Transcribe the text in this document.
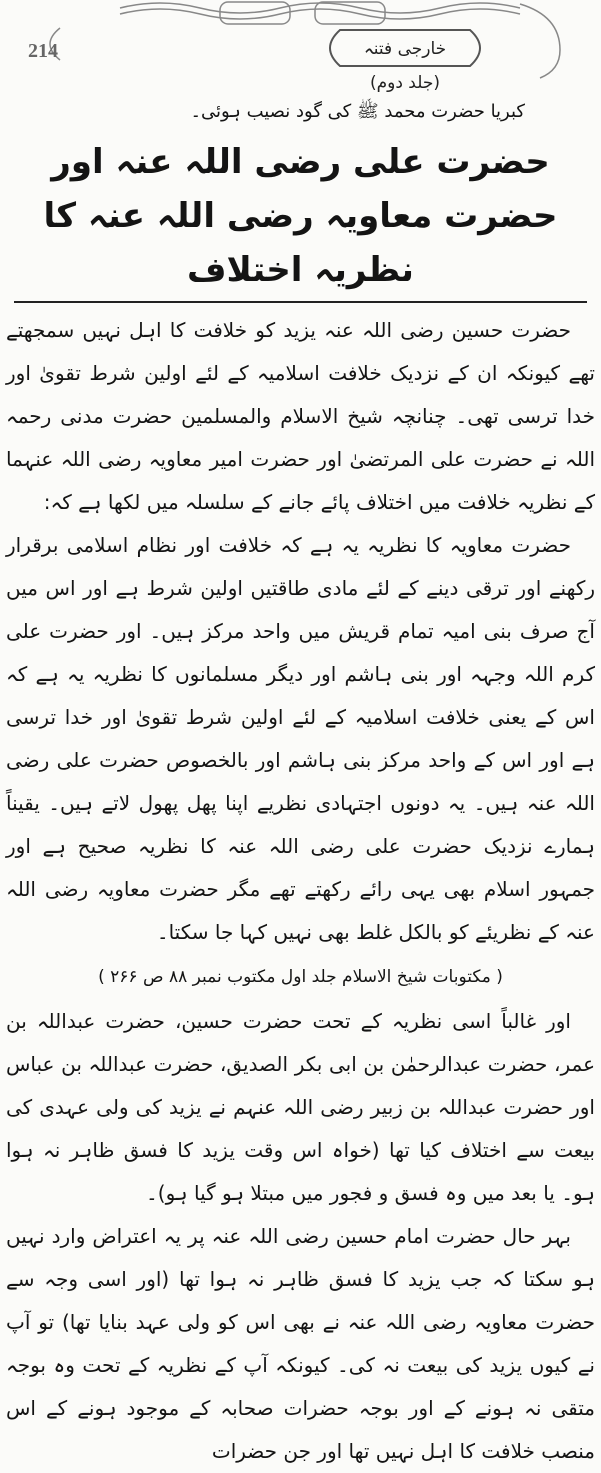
214	خارجی فتنہ (جلد دوم)

کبریا حضرت محمد ﷺ کی گود نصیب ہوئی۔

حضرت علی رضی اللہ عنہ اور حضرت معاویہ رضی اللہ عنہ کا نظریہ اختلاف

حضرت حسین رضی اللہ عنہ یزید کو خلافت کا اہل نہیں سمجھتے تھے کیونکہ ان کے نزدیک خلافت اسلامیہ کے لئے اولین شرط تقویٰ اور خدا ترسی تھی۔ چنانچہ شیخ الاسلام والمسلمین حضرت مدنی رحمہ اللہ نے حضرت علی المرتضیٰ اور حضرت امیر معاویہ رضی اللہ عنہما کے نظریہ خلافت میں اختلاف پائے جانے کے سلسلہ میں لکھا ہے کہ:

حضرت معاویہ کا نظریہ یہ ہے کہ خلافت اور نظام اسلامی برقرار رکھنے اور ترقی دینے کے لئے مادی طاقتیں اولین شرط ہے اور اس میں آج صرف بنی امیہ تمام قریش میں واحد مرکز ہیں۔ اور حضرت علی کرم اللہ وجہہ اور بنی ہاشم اور دیگر مسلمانوں کا نظریہ یہ ہے کہ اس کے یعنی خلافت اسلامیہ کے لئے اولین شرط تقویٰ اور خدا ترسی ہے اور اس کے واحد مرکز بنی ہاشم اور بالخصوص حضرت علی رضی اللہ عنہ ہیں۔ یہ دونوں اجتہادی نظریے اپنا پھل پھول لاتے ہیں۔ یقیناً ہمارے نزدیک حضرت علی رضی اللہ عنہ کا نظریہ صحیح ہے اور جمہور اسلام بھی یہی رائے رکھتے تھے مگر حضرت معاویہ رضی اللہ عنہ کے نظریئے کو بالکل غلط بھی نہیں کہا جا سکتا۔

( مکتوبات شیخ الاسلام جلد اول مکتوب نمبر ۸۸ ص ۲۶۶ )

اور غالباً اسی نظریہ کے تحت حضرت حسین، حضرت عبداللہ بن عمر، حضرت عبدالرحمٰن بن ابی بکر الصدیق، حضرت عبداللہ بن عباس اور حضرت عبداللہ بن زبیر رضی اللہ عنہم نے یزید کی ولی عہدی کی بیعت سے اختلاف کیا تھا (خواہ اس وقت یزید کا فسق ظاہر نہ ہوا ہو۔ یا بعد میں وہ فسق و فجور میں مبتلا ہو گیا ہو)۔

بہر حال حضرت امام حسین رضی اللہ عنہ پر یہ اعتراض وارد نہیں ہو سکتا کہ جب یزید کا فسق ظاہر نہ ہوا تھا (اور اسی وجہ سے حضرت معاویہ رضی اللہ عنہ نے بھی اس کو ولی عہد بنایا تھا) تو آپ نے کیوں یزید کی بیعت نہ کی۔ کیونکہ آپ کے نظریہ کے تحت وہ بوجہ متقی نہ ہونے کے اور بوجہ حضرات صحابہ کے موجود ہونے کے اس منصب خلافت کا اہل نہیں تھا اور جن حضرات
